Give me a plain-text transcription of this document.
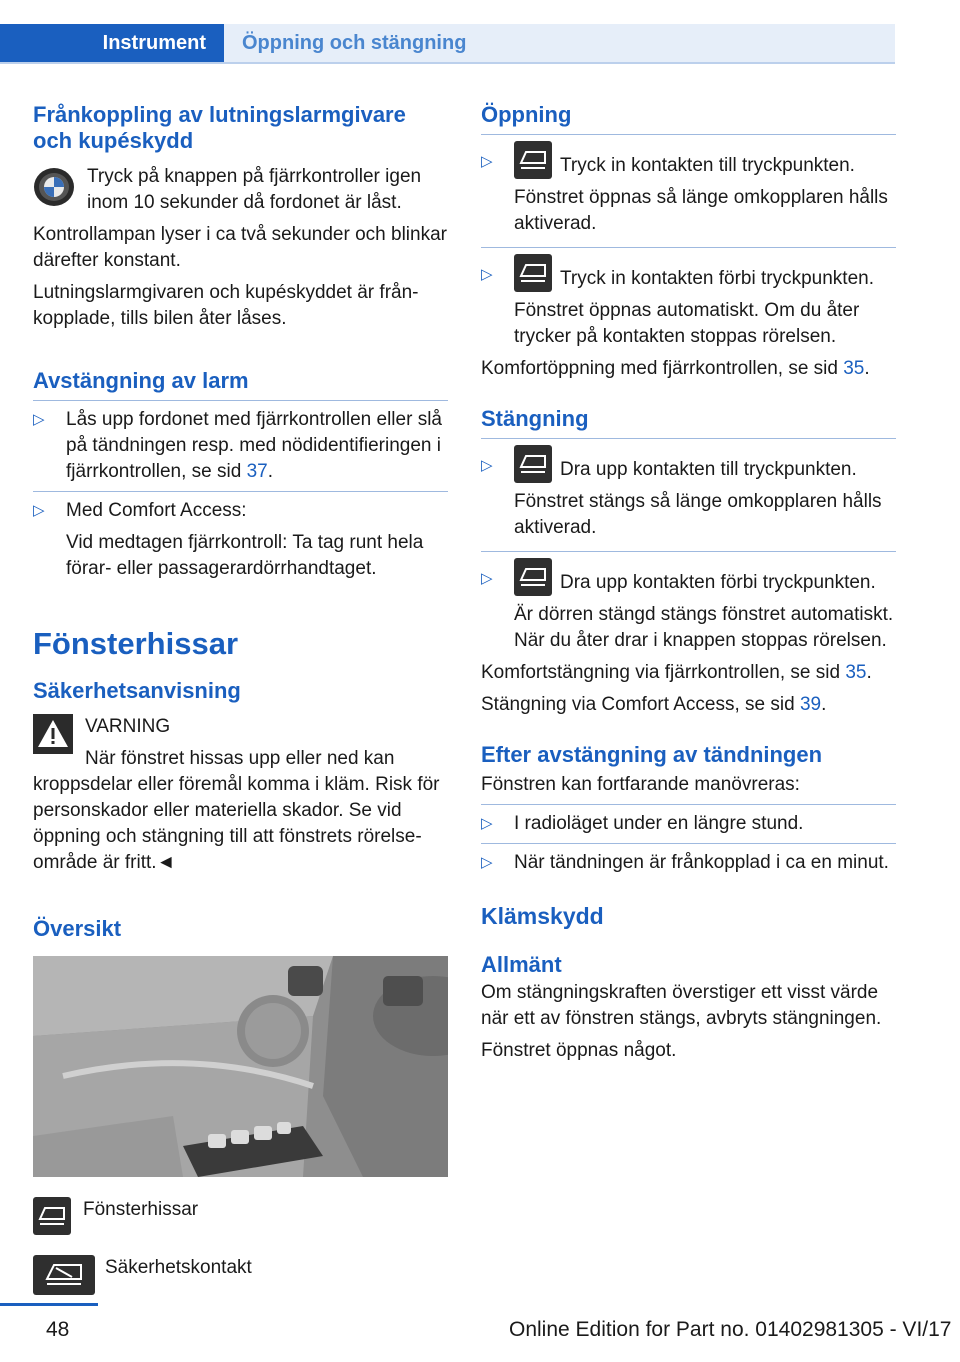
Instrument	Öppning och stängning
Frånkoppling av lutningslarmgivare och kupéskydd

Tryck på knappen på fjärrkontroller igen inom 10 sekunder då fordonet är låst.

Kontrollampan lyser i ca två sekunder och blinkar därefter konstant.

Lutningslarmgivaren och kupéskyddet är frånkopplade, tills bilen åter låses.

Avstängning av larm
▷	Lås upp fordonet med fjärrkontrollen eller slå på tändningen resp. med nödidentifieringen i fjärrkontrollen, se sid 37.
▷	Med Comfort Access:

Vid medtagen fjärrkontroll: Ta tag runt hela förar- eller passagerardörrhandtaget.

Fönsterhissar
Säkerhetsanvisning

VARNING

När fönstret hissas upp eller ned kan

kroppsdelar eller föremål komma i kläm. Risk för personskador eller materiella skador. Se vid öppning och stängning till att fönstrets rörelseområde är fritt.◄

Översikt

Fönsterhissar

Säkerhetskontakt

Öppning
▷	Tryck in kontakten till tryckpunkten.

Fönstret öppnas så länge omkopplaren hålls aktiverad.

▷	Tryck in kontakten förbi tryckpunkten.

Fönstret öppnas automatiskt. Om du åter trycker på kontakten stoppas rörelsen.

Komfortöppning med fjärrkontrollen, se sid 35.

Stängning
▷	Dra upp kontakten till tryckpunkten.

Fönstret stängs så länge omkopplaren hålls aktiverad.

▷	Dra upp kontakten förbi tryckpunkten.

Är dörren stängd stängs fönstret automatiskt. När du åter drar i knappen stoppas rörelsen.

Komfortstängning via fjärrkontrollen, se sid 35.

Stängning via Comfort Access, se sid 39.

Efter avstängning av tändningen

Fönstren kan fortfarande manövreras:

▷	I radioläget under en längre stund.
▷	När tändningen är frånkopplad i ca en minut.
Klämskydd
Allmänt

Om stängningskraften överstiger ett visst värde när ett av fönstren stängs, avbryts stängningen.

Fönstret öppnas något.

48	Online Edition for Part no. 01402981305 - VI/17
